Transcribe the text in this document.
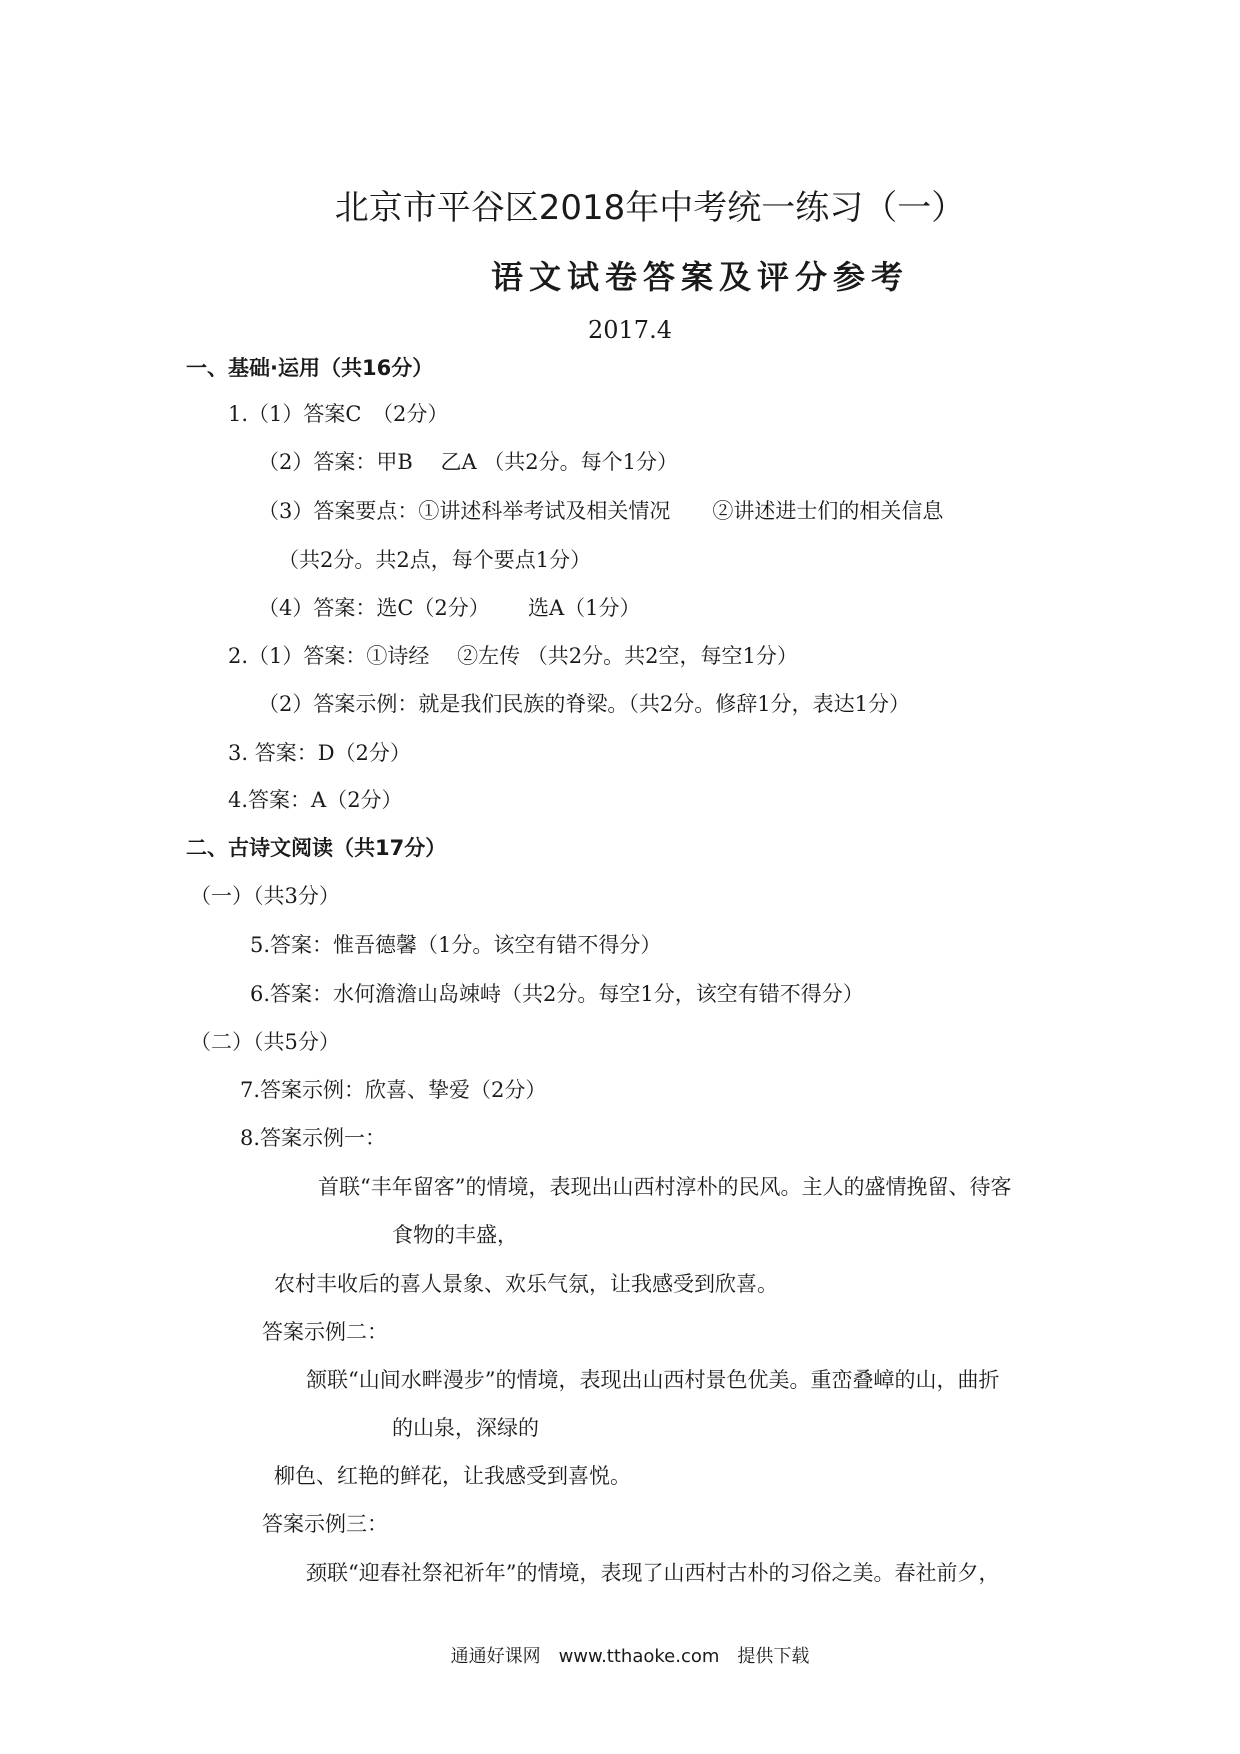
北京市平谷区2018年中考统一练习（一）
语文试卷答案及评分参考
2017.4
一、基础·运用（共16分）
1.（1）答案C　（2分）
（2）答案：甲B　 乙A （共2分。每个1分）
（3）答案要点：①讲述科举考试及相关情况　　②讲述进士们的相关信息
（共2分。共2点，每个要点1分）
（4）答案：选C（2分）　　 选A（1分）
2.（1）答案：①诗经　 ②左传 （共2分。共2空，每空1分）
（2）答案示例：就是我们民族的脊梁。（共2分。修辞1分，表达1分）
3. 答案：D（2分）
4.答案：A（2分）
二、古诗文阅读（共17分）
（一）（共3分）
5.答案：惟吾德馨（1分。该空有错不得分）
6.答案：水何澹澹山岛竦峙（共2分。每空1分，该空有错不得分）
（二）（共5分）
7.答案示例：欣喜、挚爱（2分）
8.答案示例一：
首联“丰年留客”的情境，表现出山西村淳朴的民风。主人的盛情挽留、待客
食物的丰盛，
农村丰收后的喜人景象、欢乐气氛，让我感受到欣喜。
答案示例二：
颔联“山间水畔漫步”的情境，表现出山西村景色优美。重峦叠嶂的山，曲折
的山泉，深绿的
柳色、红艳的鲜花，让我感受到喜悦。
答案示例三：
颈联“迎春社祭祀祈年”的情境，表现了山西村古朴的习俗之美。春社前夕，
通通好课网　www.tthaoke.com　提供下载
